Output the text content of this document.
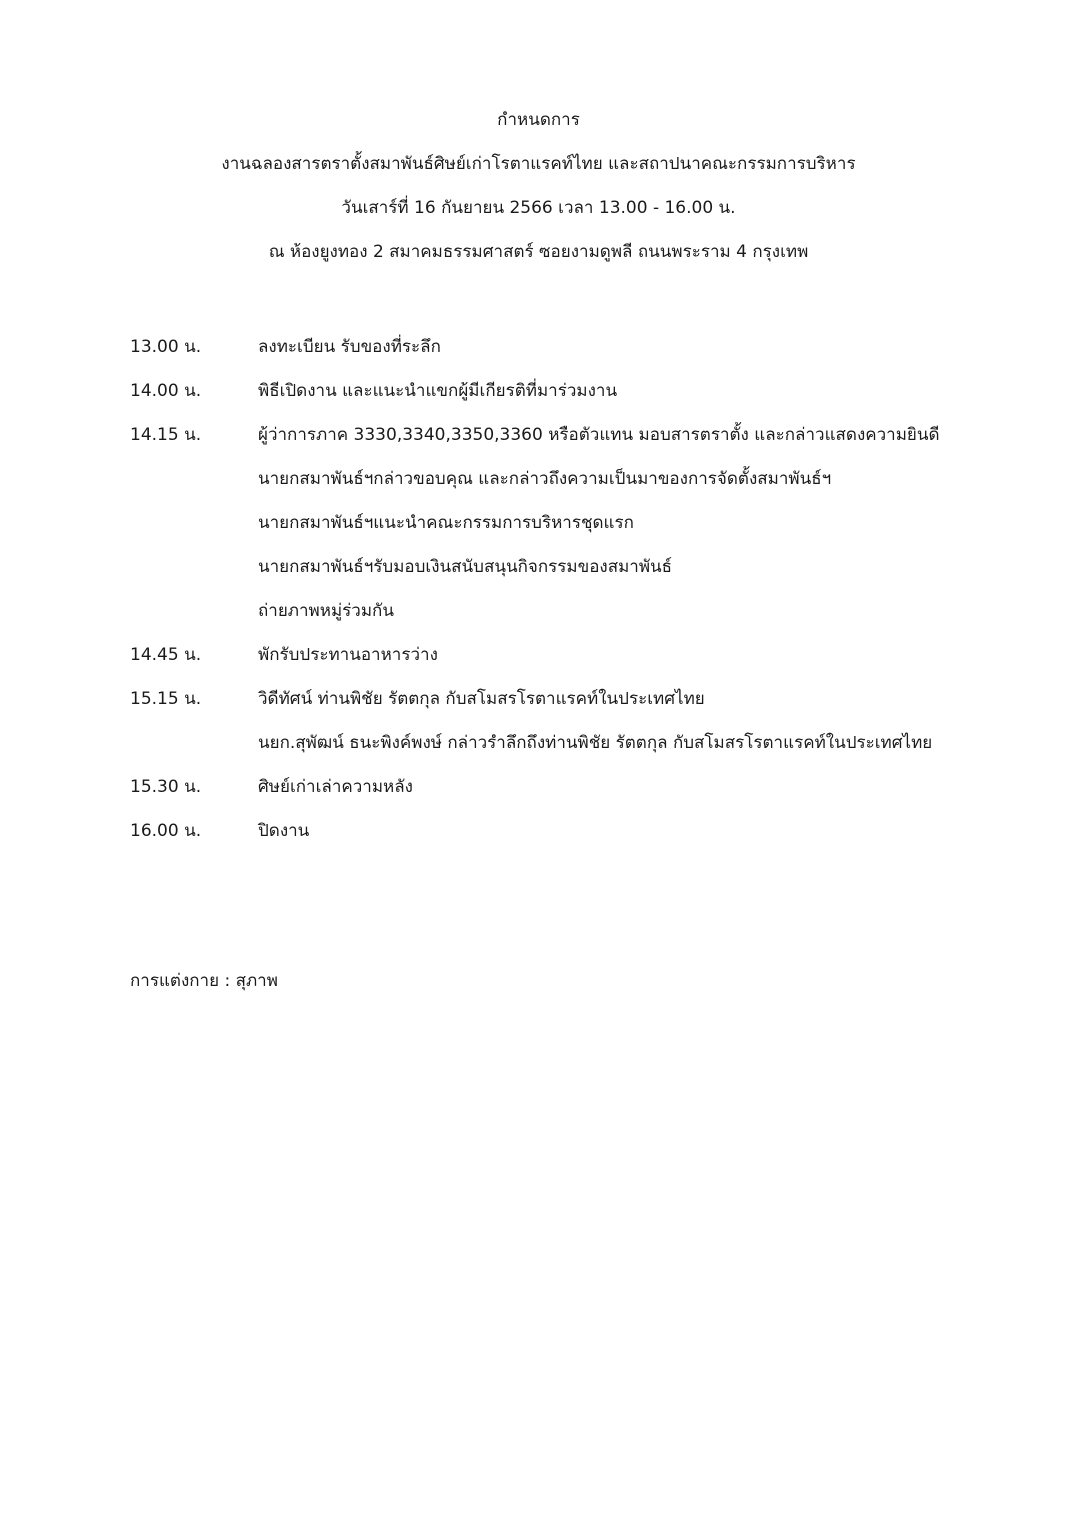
กำหนดการ
งานฉลองสารตราตั้งสมาพันธ์ศิษย์เก่าโรตาแรคท์ไทย และสถาปนาคณะกรรมการบริหาร
วันเสาร์ที่ 16 กันยายน 2566 เวลา 13.00 - 16.00 น.
ณ ห้องยูงทอง 2 สมาคมธรรมศาสตร์ ซอยงามดูพลี ถนนพระราม 4 กรุงเทพ
13.00 น.	ลงทะเบียน รับของที่ระลึก
14.00 น.	พิธีเปิดงาน และแนะนำแขกผู้มีเกียรติที่มาร่วมงาน
14.15 น.	ผู้ว่าการภาค 3330,3340,3350,3360 หรือตัวแทน มอบสารตราตั้ง และกล่าวแสดงความยินดี
นายกสมาพันธ์ฯกล่าวขอบคุณ และกล่าวถึงความเป็นมาของการจัดตั้งสมาพันธ์ฯ
นายกสมาพันธ์ฯแนะนำคณะกรรมการบริหารชุดแรก
นายกสมาพันธ์ฯรับมอบเงินสนับสนุนกิจกรรมของสมาพันธ์
ถ่ายภาพหมู่ร่วมกัน
14.45 น.	พักรับประทานอาหารว่าง
15.15 น.	วิดีทัศน์ ท่านพิชัย รัตตกุล กับสโมสรโรตาแรคท์ในประเทศไทย
นยก.สุพัฒน์ ธนะพิงค์พงษ์ กล่าวรำลึกถึงท่านพิชัย รัตตกุล กับสโมสรโรตาแรคท์ในประเทศไทย
15.30 น.	ศิษย์เก่าเล่าความหลัง
16.00 น.	ปิดงาน
การแต่งกาย : สุภาพ
